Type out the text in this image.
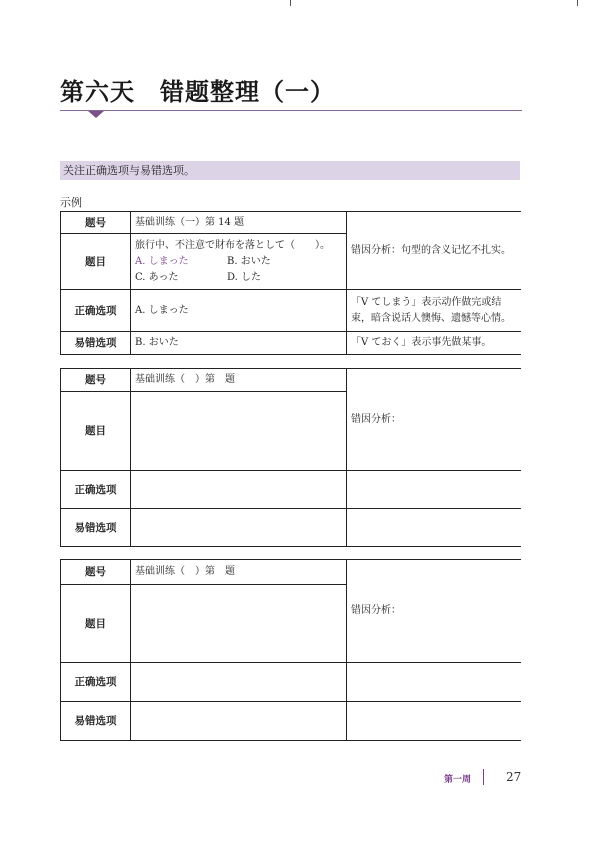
第六天　错题整理（一）
关注正确选项与易错选项。
示例
题号	基础训练（一）第 14 题	错因分析：句型的含义记忆不扎实。
题目	旅行中、不注意で財布を落として（　　）。
A. しまった B. おいた
C. あった D. した	

正确选项	A. しまった	「V てしまう」表示动作做完或结束，暗含说话人懊悔、遗憾等心情。
易错选项	B. おいた	「V ておく」表示事先做某事。
题号	基础训练（　）第　题	错因分析：
题目		
正确选项		
易错选项		
题号	基础训练（　）第　题	错因分析：
题目		
正确选项		
易错选项		
第一周	27
